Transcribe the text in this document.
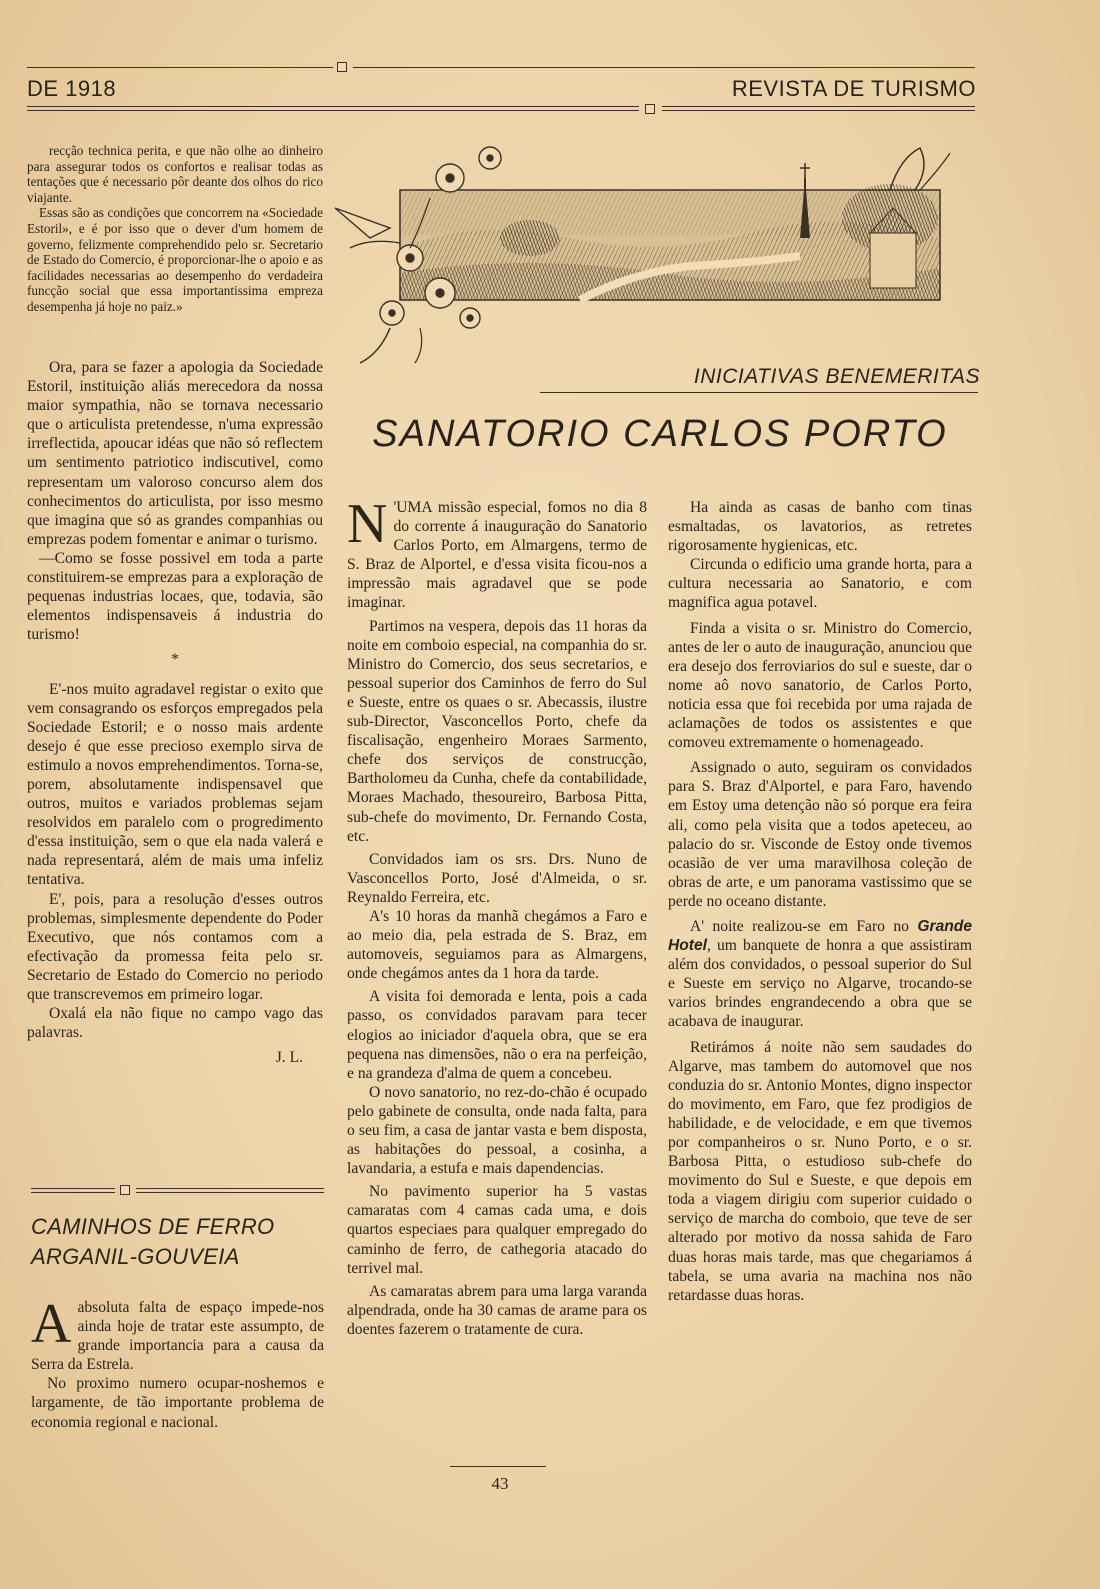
DE 1918	REVISTA DE TURISMO

recção technica perita, e que não olhe ao dinheiro para assegurar todos os confortos e realisar todas as tentações que é necessario pôr deante dos olhos do rico viajante.

Essas são as condições que concorrem na «Sociedade Estoril», e é por isso que o dever d'um homem de governo, felizmente comprehendido pelo sr. Secretario de Estado do Comercio, é proporcionar-lhe o apoio e as facilidades necessarias ao desempenho do verdadeira funcção social que essa importantissima empreza desempenha já hoje no paiz.»

Ora, para se fazer a apologia da Sociedade Estoril, instituição aliás merecedora da nossa maior sympathia, não se tornava necessario que o articulista pretendesse, n'uma expressão irreflectida, apoucar idéas que não só reflectem um sentimento patriotico indiscutivel, como representam um valoroso concurso alem dos conhecimentos do articulista, por isso mesmo que imagina que só as grandes companhias ou emprezas podem fomentar e animar o turismo.

—Como se fosse possivel em toda a parte constituirem-se emprezas para a exploração de pequenas industrias locaes, que, todavia, são elementos indispensaveis á industria do turismo!

*

E'-nos muito agradavel registar o exito que vem consagrando os esforços empregados pela Sociedade Estoril; e o nosso mais ardente desejo é que esse precioso exemplo sirva de estimulo a novos emprehendimentos. Torna-se, porem, absolutamente indispensavel que outros, muitos e variados problemas sejam resolvidos em paralelo com o progredimento d'essa instituição, sem o que ela nada valerá e nada representará, além de mais uma infeliz tentativa.

E', pois, para a resolução d'esses outros problemas, simplesmente dependente do Poder Executivo, que nós contamos com a efectivação da promessa feita pelo sr. Secretario de Estado do Comercio no periodo que transcrevemos em primeiro logar.

Oxalá ela não fique no campo vago das palavras.

J. L.

CAMINHOS DE FERRO
ARGANIL-GOUVEIA

Aabsoluta falta de espaço impede-nos ainda hoje de tratar este assumpto, de grande importancia para a causa da Serra da Estrela.

No proximo numero ocupar-noshemos e largamente, de tão importante problema de economia regional e nacional.

INICIATIVAS BENEMERITAS
SANATORIO CARLOS PORTO

N 'UMA missão especial, fomos no dia 8 do corrente á inauguração do Sanatorio Carlos Porto, em Almargens, termo de S. Braz de Alportel, e d'essa visita ficou-nos a impressão mais agradavel que se pode imaginar.

Partimos na vespera, depois das 11 horas da noite em comboio especial, na companhia do sr. Ministro do Comercio, dos seus secretarios, e pessoal superior dos Caminhos de ferro do Sul e Sueste, entre os quaes o sr. Abecassis, ilustre sub-Director, Vasconcellos Porto, chefe da fiscalisação, engenheiro Moraes Sarmento, chefe dos serviços de construcção, Bartholomeu da Cunha, chefe da contabilidade, Moraes Machado, thesoureiro, Barbosa Pitta, sub-chefe do movimento, Dr. Fernando Costa, etc.

Convidados iam os srs. Drs. Nuno de Vasconcellos Porto, José d'Almeida, o sr. Reynaldo Ferreira, etc.

A's 10 horas da manhã chegámos a Faro e ao meio dia, pela estrada de S. Braz, em automoveis, seguiamos para as Almargens, onde chegámos antes da 1 hora da tarde.

A visita foi demorada e lenta, pois a cada passo, os convidados paravam para tecer elogios ao iniciador d'aquela obra, que se era pequena nas dimensões, não o era na perfeição, e na grandeza d'alma de quem a concebeu.

O novo sanatorio, no rez-do-chão é ocupado pelo gabinete de consulta, onde nada falta, para o seu fim, a casa de jantar vasta e bem disposta, as habitações do pessoal, a cosinha, a lavandaria, a estufa e mais dapendencias.

No pavimento superior ha 5 vastas camaratas com 4 camas cada uma, e dois quartos especiaes para qualquer empregado do caminho de ferro, de cathegoria atacado do terrivel mal.

As camaratas abrem para uma larga varanda alpendrada, onde ha 30 camas de arame para os doentes fazerem o tratamente de cura.

Ha ainda as casas de banho com tinas esmaltadas, os lavatorios, as retretes rigorosamente hygienicas, etc.

Circunda o edificio uma grande horta, para a cultura necessaria ao Sanatorio, e com magnifica agua potavel.

Finda a visita o sr. Ministro do Comercio, antes de ler o auto de inauguração, anunciou que era desejo dos ferroviarios do sul e sueste, dar o nome aô novo sanatorio, de Carlos Porto, noticia essa que foi recebida por uma rajada de aclamações de todos os assistentes e que comoveu extremamente o homenageado.

Assignado o auto, seguiram os convidados para S. Braz d'Alportel, e para Faro, havendo em Estoy uma detenção não só porque era feira ali, como pela visita que a todos apeteceu, ao palacio do sr. Visconde de Estoy onde tivemos ocasião de ver uma maravilhosa coleção de obras de arte, e um panorama vastissimo que se perde no oceano distante.

A' noite realizou-se em Faro no Grande Hotel, um banquete de honra a que assistiram além dos convidados, o pessoal superior do Sul e Sueste em serviço no Algarve, trocando-se varios brindes engrandecendo a obra que se acabava de inaugurar.

Retirámos á noite não sem saudades do Algarve, mas tambem do automovel que nos conduzia do sr. Antonio Montes, digno inspector do movimento, em Faro, que fez prodigios de habilidade, e de velocidade, e em que tivemos por companheiros o sr. Nuno Porto, e o sr. Barbosa Pitta, o estudioso sub-chefe do movimento do Sul e Sueste, e que depois em toda a viagem dirigiu com superior cuidado o serviço de marcha do comboio, que teve de ser alterado por motivo da nossa sahida de Faro duas horas mais tarde, mas que chegariamos á tabela, se uma avaria na machina nos não retardasse duas horas.

43
